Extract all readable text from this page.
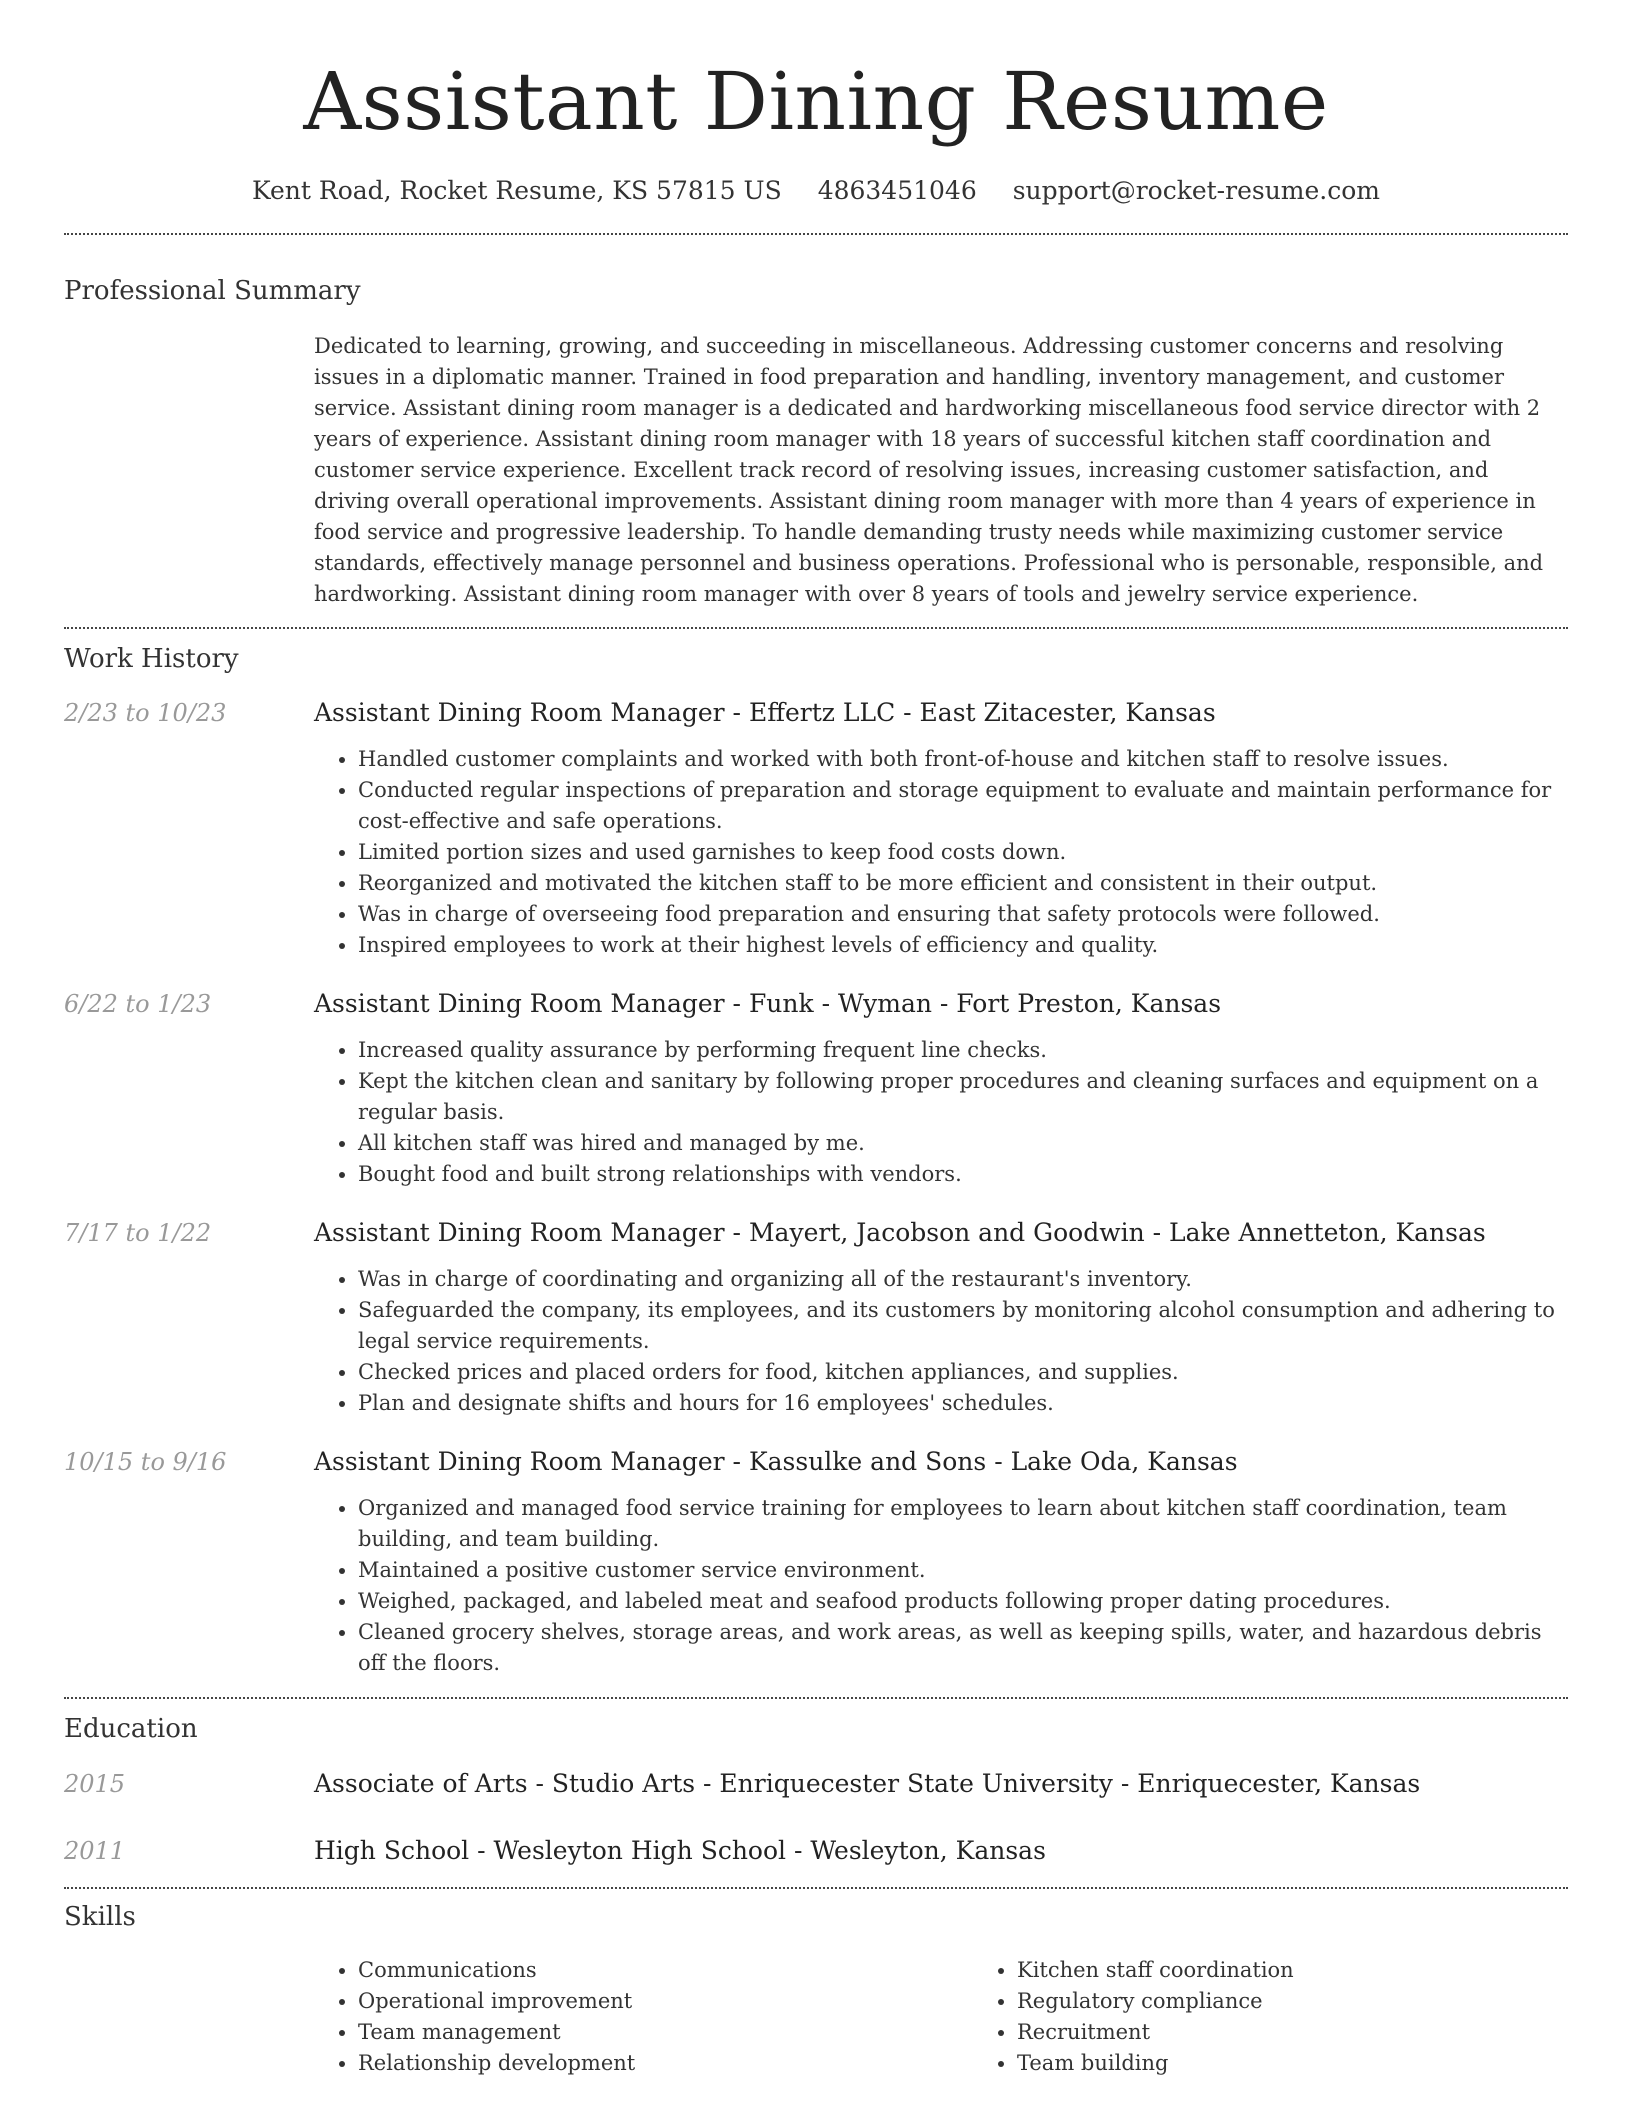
Assistant Dining Resume
Kent Road, Rocket Resume, KS 57815 US 4863451046 support@rocket-resume.com
Professional Summary
Dedicated to learning, growing, and succeeding in miscellaneous. Addressing customer concerns and resolving issues in a diplomatic manner. Trained in food preparation and handling, inventory management, and customer service. Assistant dining room manager is a dedicated and hardworking miscellaneous food service director with 2 years of experience. Assistant dining room manager with 18 years of successful kitchen staff coordination and customer service experience. Excellent track record of resolving issues, increasing customer satisfaction, and driving overall operational improvements. Assistant dining room manager with more than 4 years of experience in food service and progressive leadership. To handle demanding trusty needs while maximizing customer service standards, effectively manage personnel and business operations. Professional who is personable, responsible, and hardworking. Assistant dining room manager with over 8 years of tools and jewelry service experience.
Work History
2/23 to 10/23	Assistant Dining Room Manager - Effertz LLC - East Zitacester, Kansas
• Handled customer complaints and worked with both front-of-house and kitchen staff to resolve issues.
• Conducted regular inspections of preparation and storage equipment to evaluate and maintain performance for cost-effective and safe operations.
• Limited portion sizes and used garnishes to keep food costs down.
• Reorganized and motivated the kitchen staff to be more efficient and consistent in their output.
• Was in charge of overseeing food preparation and ensuring that safety protocols were followed.
• Inspired employees to work at their highest levels of efficiency and quality.
6/22 to 1/23	Assistant Dining Room Manager - Funk - Wyman - Fort Preston, Kansas
• Increased quality assurance by performing frequent line checks.
• Kept the kitchen clean and sanitary by following proper procedures and cleaning surfaces and equipment on a regular basis.
• All kitchen staff was hired and managed by me.
• Bought food and built strong relationships with vendors.
7/17 to 1/22	Assistant Dining Room Manager - Mayert, Jacobson and Goodwin - Lake Annetteton, Kansas
• Was in charge of coordinating and organizing all of the restaurant's inventory.
• Safeguarded the company, its employees, and its customers by monitoring alcohol consumption and adhering to legal service requirements.
• Checked prices and placed orders for food, kitchen appliances, and supplies.
• Plan and designate shifts and hours for 16 employees' schedules.
10/15 to 9/16	Assistant Dining Room Manager - Kassulke and Sons - Lake Oda, Kansas
• Organized and managed food service training for employees to learn about kitchen staff coordination, team building, and team building.
• Maintained a positive customer service environment.
• Weighed, packaged, and labeled meat and seafood products following proper dating procedures.
• Cleaned grocery shelves, storage areas, and work areas, as well as keeping spills, water, and hazardous debris off the floors.
Education
2015	Associate of Arts - Studio Arts - Enriquecester State University - Enriquecester, Kansas
2011	High School - Wesleyton High School - Wesleyton, Kansas
Skills
• Communications
• Operational improvement
• Team management
• Relationship development
• Kitchen staff coordination
• Regulatory compliance
• Recruitment
• Team building
